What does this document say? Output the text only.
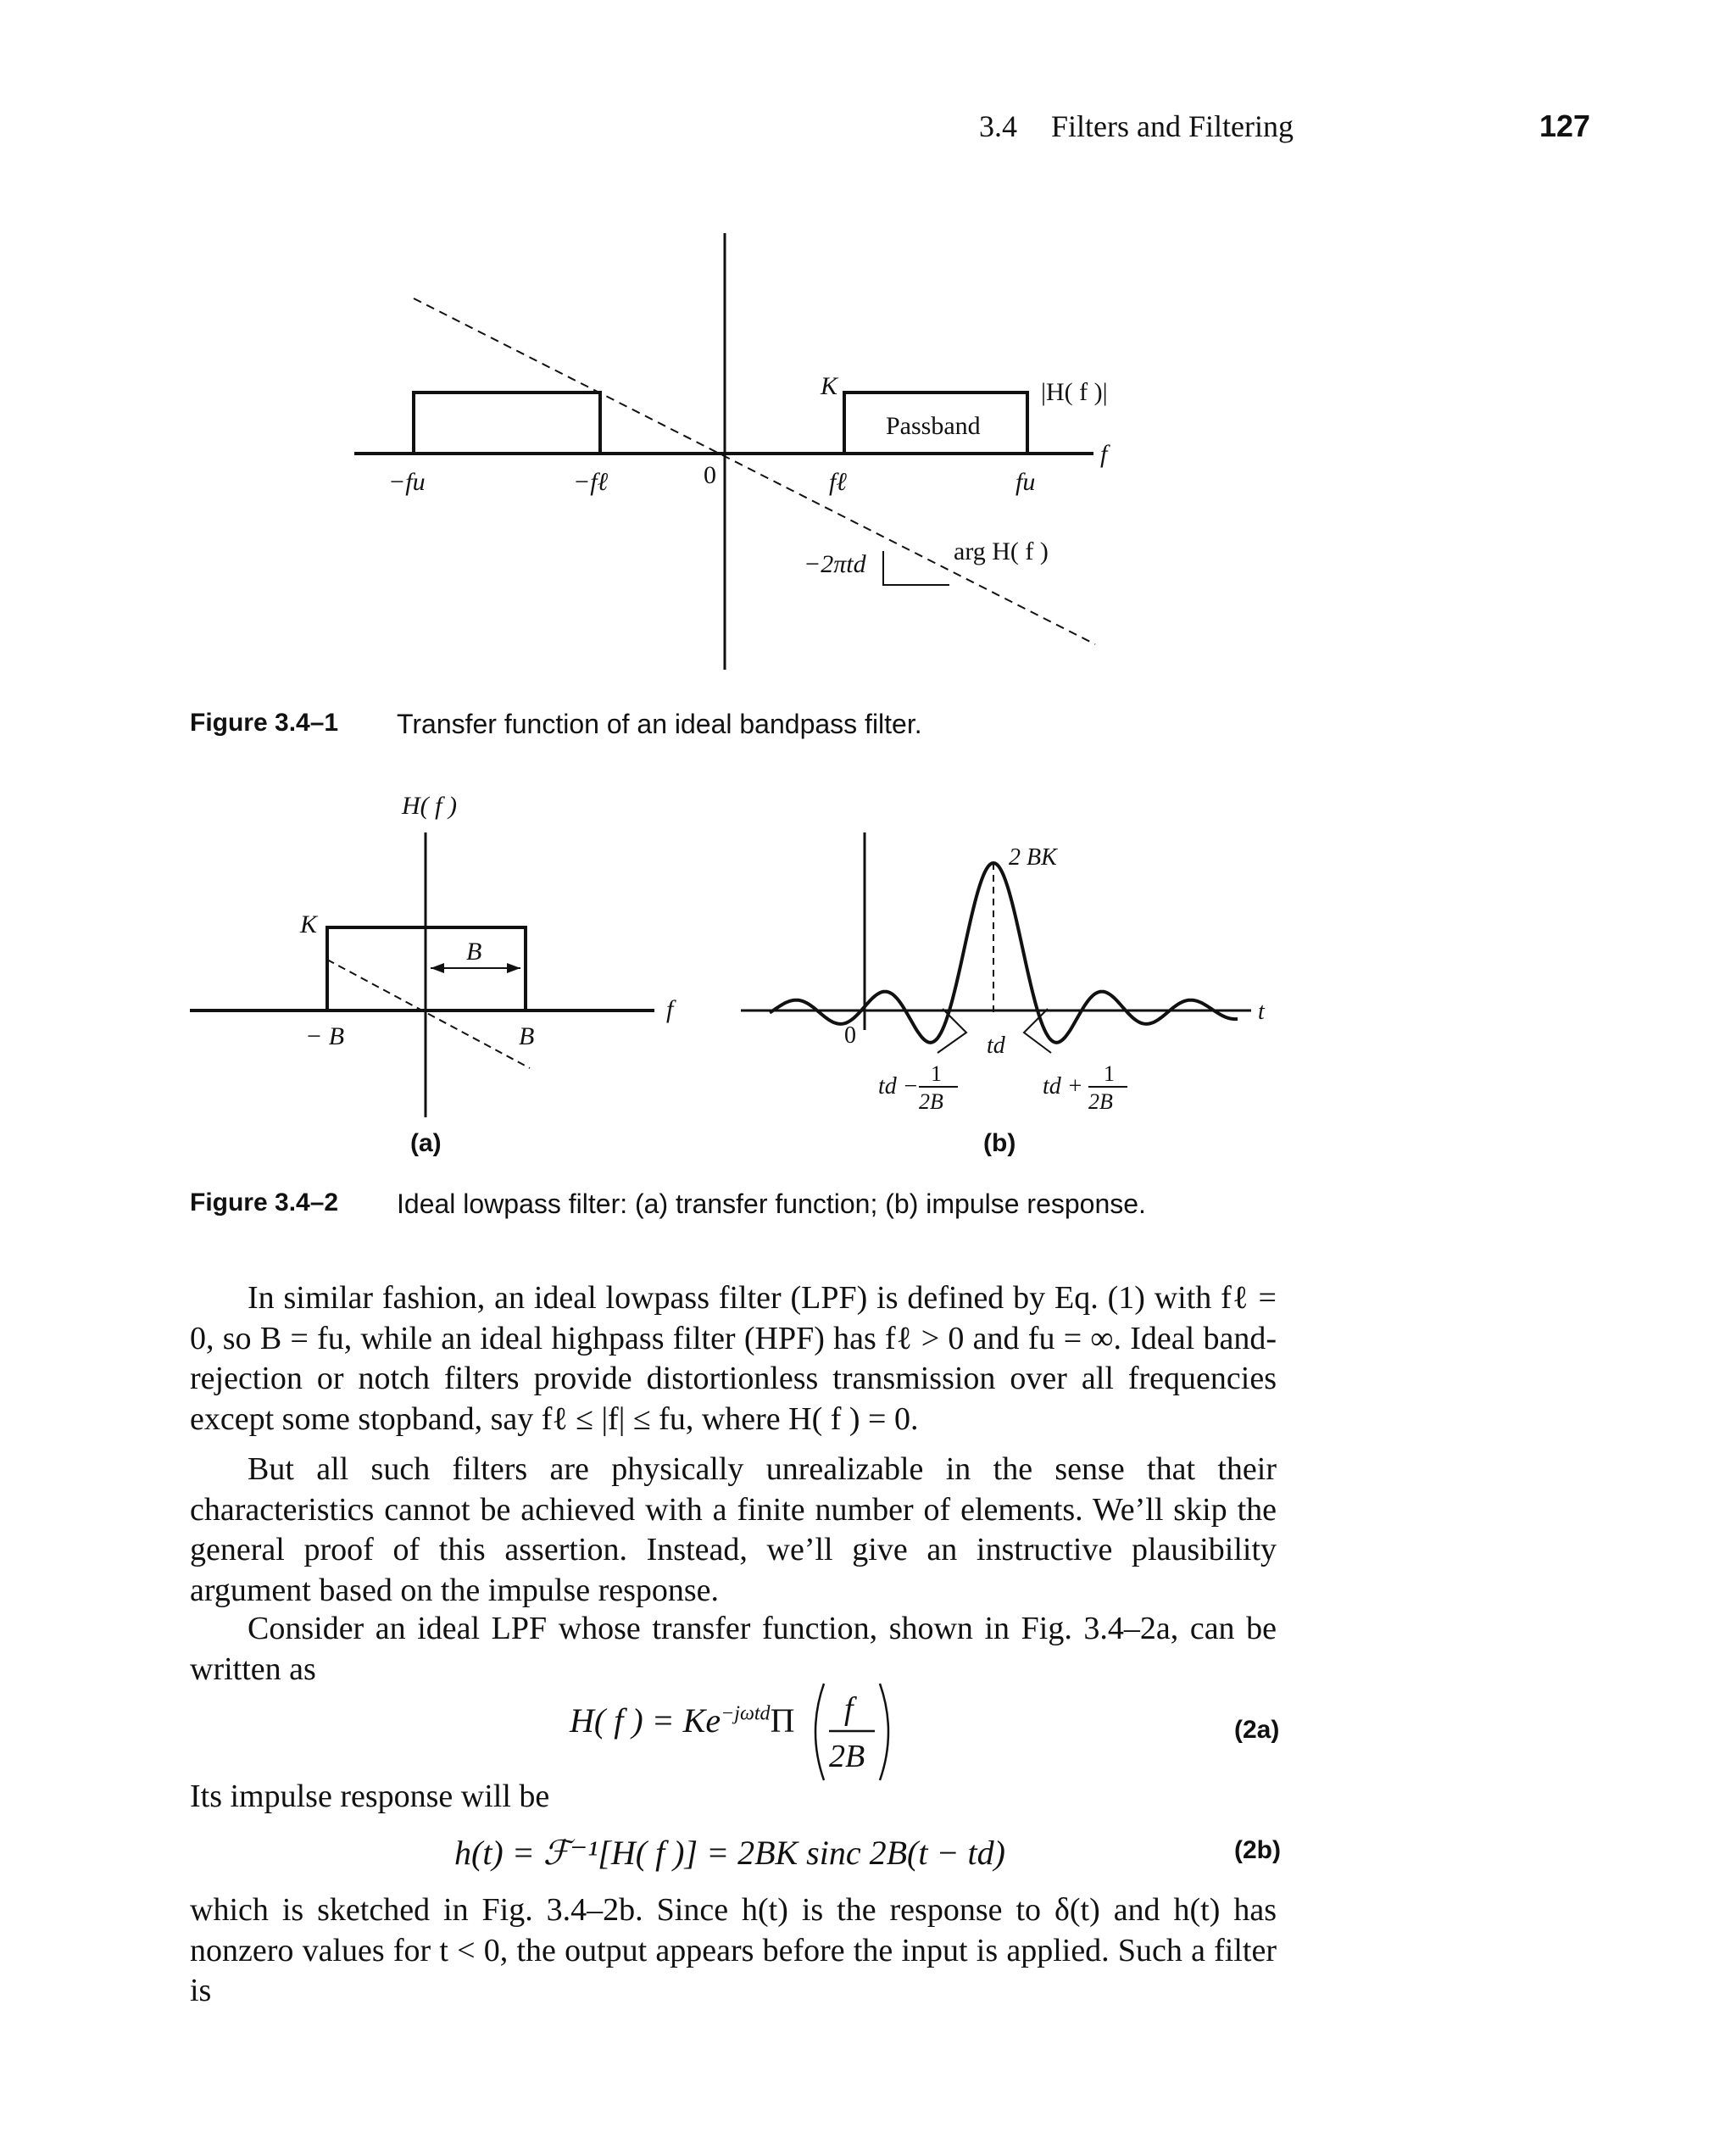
3.4 Filters and Filtering	127
K
Passband
|H( f )|
f
−fu	−fℓ	0	fℓ	fu
−2πtd	arg H( f )
Figure 3.4–1 Transfer function of an ideal bandpass filter.
H( f )
K
B
− B	B
f
2 BK
0	td
t
td − 1
2B
td + 1
2B
(a)	(b)
Figure 3.4–2 Ideal lowpass filter: (a) transfer function; (b) impulse response.

In similar fashion, an ideal lowpass filter (LPF) is defined by Eq. (1) with fℓ = 0, so B = fu, while an ideal highpass filter (HPF) has fℓ > 0 and fu = ∞. Ideal band-rejection or notch filters provide distortionless transmission over all frequencies except some stopband, say fℓ ≤ |f| ≤ fu, where H( f ) = 0.

But all such filters are physically unrealizable in the sense that their characteristics cannot be achieved with a finite number of elements. We’ll skip the general proof of this assertion. Instead, we’ll give an instructive plausibility argument based on the impulse response.

Consider an ideal LPF whose transfer function, shown in Fig. 3.4–2a, can be written as

H( f ) = $Ke^{-j\omega td}\Pi$ f
2B
(2a)

Its impulse response will be

h(t) = ℱ⁻¹[H( f )] = 2BK sinc 2B(t − td)	(2b)

which is sketched in Fig. 3.4–2b. Since h(t) is the response to δ(t) and h(t) has nonzero values for t < 0, the output appears before the input is applied. Such a filter is
